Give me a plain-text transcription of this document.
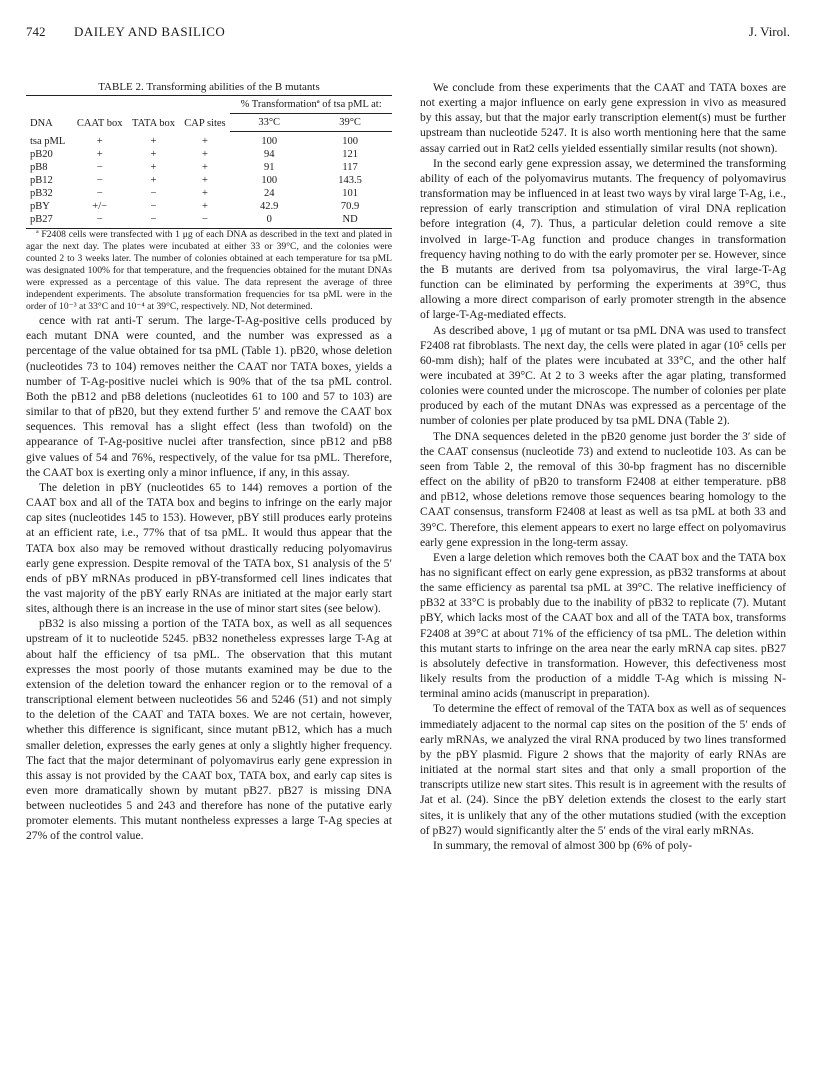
742 DAILEY AND BASILICO	J. Virol.

TABLE 2. Transforming abilities of the B mutants

DNA	CAAT box	TATA box	CAP sites	% Transformationª of tsa pML at:	
				33°C	39°C
tsa pML	+	+	+	100	100
pB20	+	+	+	94	121
pB8	−	+	+	91	117
pB12	−	+	+	100	143.5
pB32	−	−	+	24	101
pBY	+/−	−	+	42.9	70.9
pB27	−	−	−	0	ND

ª F2408 cells were transfected with 1 μg of each DNA as described in the text and plated in agar the next day. The plates were incubated at either 33 or 39°C, and the colonies were counted 2 to 3 weeks later. The number of colonies obtained at each temperature for tsa pML was designated 100% for that temperature, and the frequencies obtained for the mutant DNAs were expressed as a percentage of this value. The data represent the average of three independent experiments. The absolute transformation frequencies for tsa pML were in the order of 10⁻³ at 33°C and 10⁻⁴ at 39°C, respectively. ND, Not determined.

cence with rat anti-T serum. The large-T-Ag-positive cells produced by each mutant DNA were counted, and the number was expressed as a percentage of the value obtained for tsa pML (Table 1). pB20, whose deletion (nucleotides 73 to 104) removes neither the CAAT nor TATA boxes, yields a number of T-Ag-positive nuclei which is 90% that of the tsa pML control. Both the pB12 and pB8 deletions (nucleotides 61 to 100 and 57 to 103) are similar to that of pB20, but they extend further 5′ and remove the CAAT box sequences. This removal has a slight effect (less than twofold) on the appearance of T-Ag-positive nuclei after transfection, since pB12 and pB8 give values of 54 and 76%, respectively, of the value for tsa pML. Therefore, the CAAT box is exerting only a minor influence, if any, in this assay.

The deletion in pBY (nucleotides 65 to 144) removes a portion of the CAAT box and all of the TATA box and begins to infringe on the early major cap sites (nucleotides 145 to 153). However, pBY still produces early proteins at an efficient rate, i.e., 77% that of tsa pML. It would thus appear that the TATA box also may be removed without drastically reducing polyomavirus early gene expression. Despite removal of the TATA box, S1 analysis of the 5′ ends of pBY mRNAs produced in pBY-transformed cell lines indicates that the vast majority of the pBY early RNAs are initiated at the major early start sites, although there is an increase in the use of minor start sites (see below).

pB32 is also missing a portion of the TATA box, as well as all sequences upstream of it to nucleotide 5245. pB32 nonetheless expresses large T-Ag at about half the efficiency of tsa pML. The observation that this mutant expresses the most poorly of those mutants examined may be due to the extension of the deletion toward the enhancer region or to the removal of a transcriptional element between nucleotides 56 and 5246 (51) and not simply to the deletion of the CAAT and TATA boxes. We are not certain, however, whether this difference is significant, since mutant pB12, which has a much smaller deletion, expresses the early genes at only a slightly higher frequency. The fact that the major determinant of polyomavirus early gene expression in this assay is not provided by the CAAT box, TATA box, and early cap sites is even more dramatically shown by mutant pB27. pB27 is missing DNA between nucleotides 5 and 243 and therefore has none of the putative early promoter elements. This mutant nontheless expresses a large T-Ag species at 27% of the control value.

We conclude from these experiments that the CAAT and TATA boxes are not exerting a major influence on early gene expression in vivo as measured by this assay, but that the major early transcription element(s) must be further upstream than nucleotide 5247. It is also worth mentioning here that the same assay carried out in Rat2 cells yielded essentially similar results (not shown).

In the second early gene expression assay, we determined the transforming ability of each of the polyomavirus mutants. The frequency of polyomavirus transformation may be influenced in at least two ways by viral large T-Ag, i.e., repression of early transcription and stimulation of viral DNA replication before integration (4, 7). Thus, a particular deletion could remove a site involved in large-T-Ag function and produce changes in transformation frequency having nothing to do with the early promoter per se. However, since the B mutants are derived from tsa polyomavirus, the viral large-T-Ag function can be eliminated by performing the experiments at 39°C, thus allowing a more direct comparison of early promoter strength in the absence of large-T-Ag-mediated effects.

As described above, 1 μg of mutant or tsa pML DNA was used to transfect F2408 rat fibroblasts. The next day, the cells were plated in agar (10⁵ cells per 60-mm dish); half of the plates were incubated at 33°C, and the other half were incubated at 39°C. At 2 to 3 weeks after the agar plating, transformed colonies were counted under the microscope. The number of colonies per plate produced by each of the mutant DNAs was expressed as a percentage of the number of colonies per plate produced by tsa pML DNA (Table 2).

The DNA sequences deleted in the pB20 genome just border the 3′ side of the CAAT consensus (nucleotide 73) and extend to nucleotide 103. As can be seen from Table 2, the removal of this 30-bp fragment has no discernible effect on the ability of pB20 to transform F2408 at either temperature. pB8 and pB12, whose deletions remove those sequences bearing homology to the CAAT consensus, transform F2408 at least as well as tsa pML at both 33 and 39°C. Therefore, this element appears to exert no large effect on polyomavirus early gene expression in the long-term assay.

Even a large deletion which removes both the CAAT box and the TATA box has no significant effect on early gene expression, as pB32 transforms at about the same efficiency as parental tsa pML at 39°C. The relative inefficiency of pB32 at 33°C is probably due to the inability of pB32 to replicate (7). Mutant pBY, which lacks most of the CAAT box and all of the TATA box, transforms F2408 at 39°C at about 71% of the efficiency of tsa pML. The deletion within this mutant starts to infringe on the area near the early mRNA cap sites. pB27 is absolutely defective in transformation. However, this defectiveness most likely results from the production of a middle T-Ag which is missing N-terminal amino acids (manuscript in preparation).

To determine the effect of removal of the TATA box as well as of sequences immediately adjacent to the normal cap sites on the position of the 5′ ends of early mRNAs, we analyzed the viral RNA produced by two lines transformed by the pBY plasmid. Figure 2 shows that the majority of early RNAs are initiated at the normal start sites and that only a small proportion of the transcripts utilize new start sites. This result is in agreement with the results of Jat et al. (24). Since the pBY deletion extends the closest to the early start sites, it is unlikely that any of the other mutations studied (with the exception of pB27) would significantly alter the 5′ ends of the viral early mRNAs.

In summary, the removal of almost 300 bp (6% of poly-
